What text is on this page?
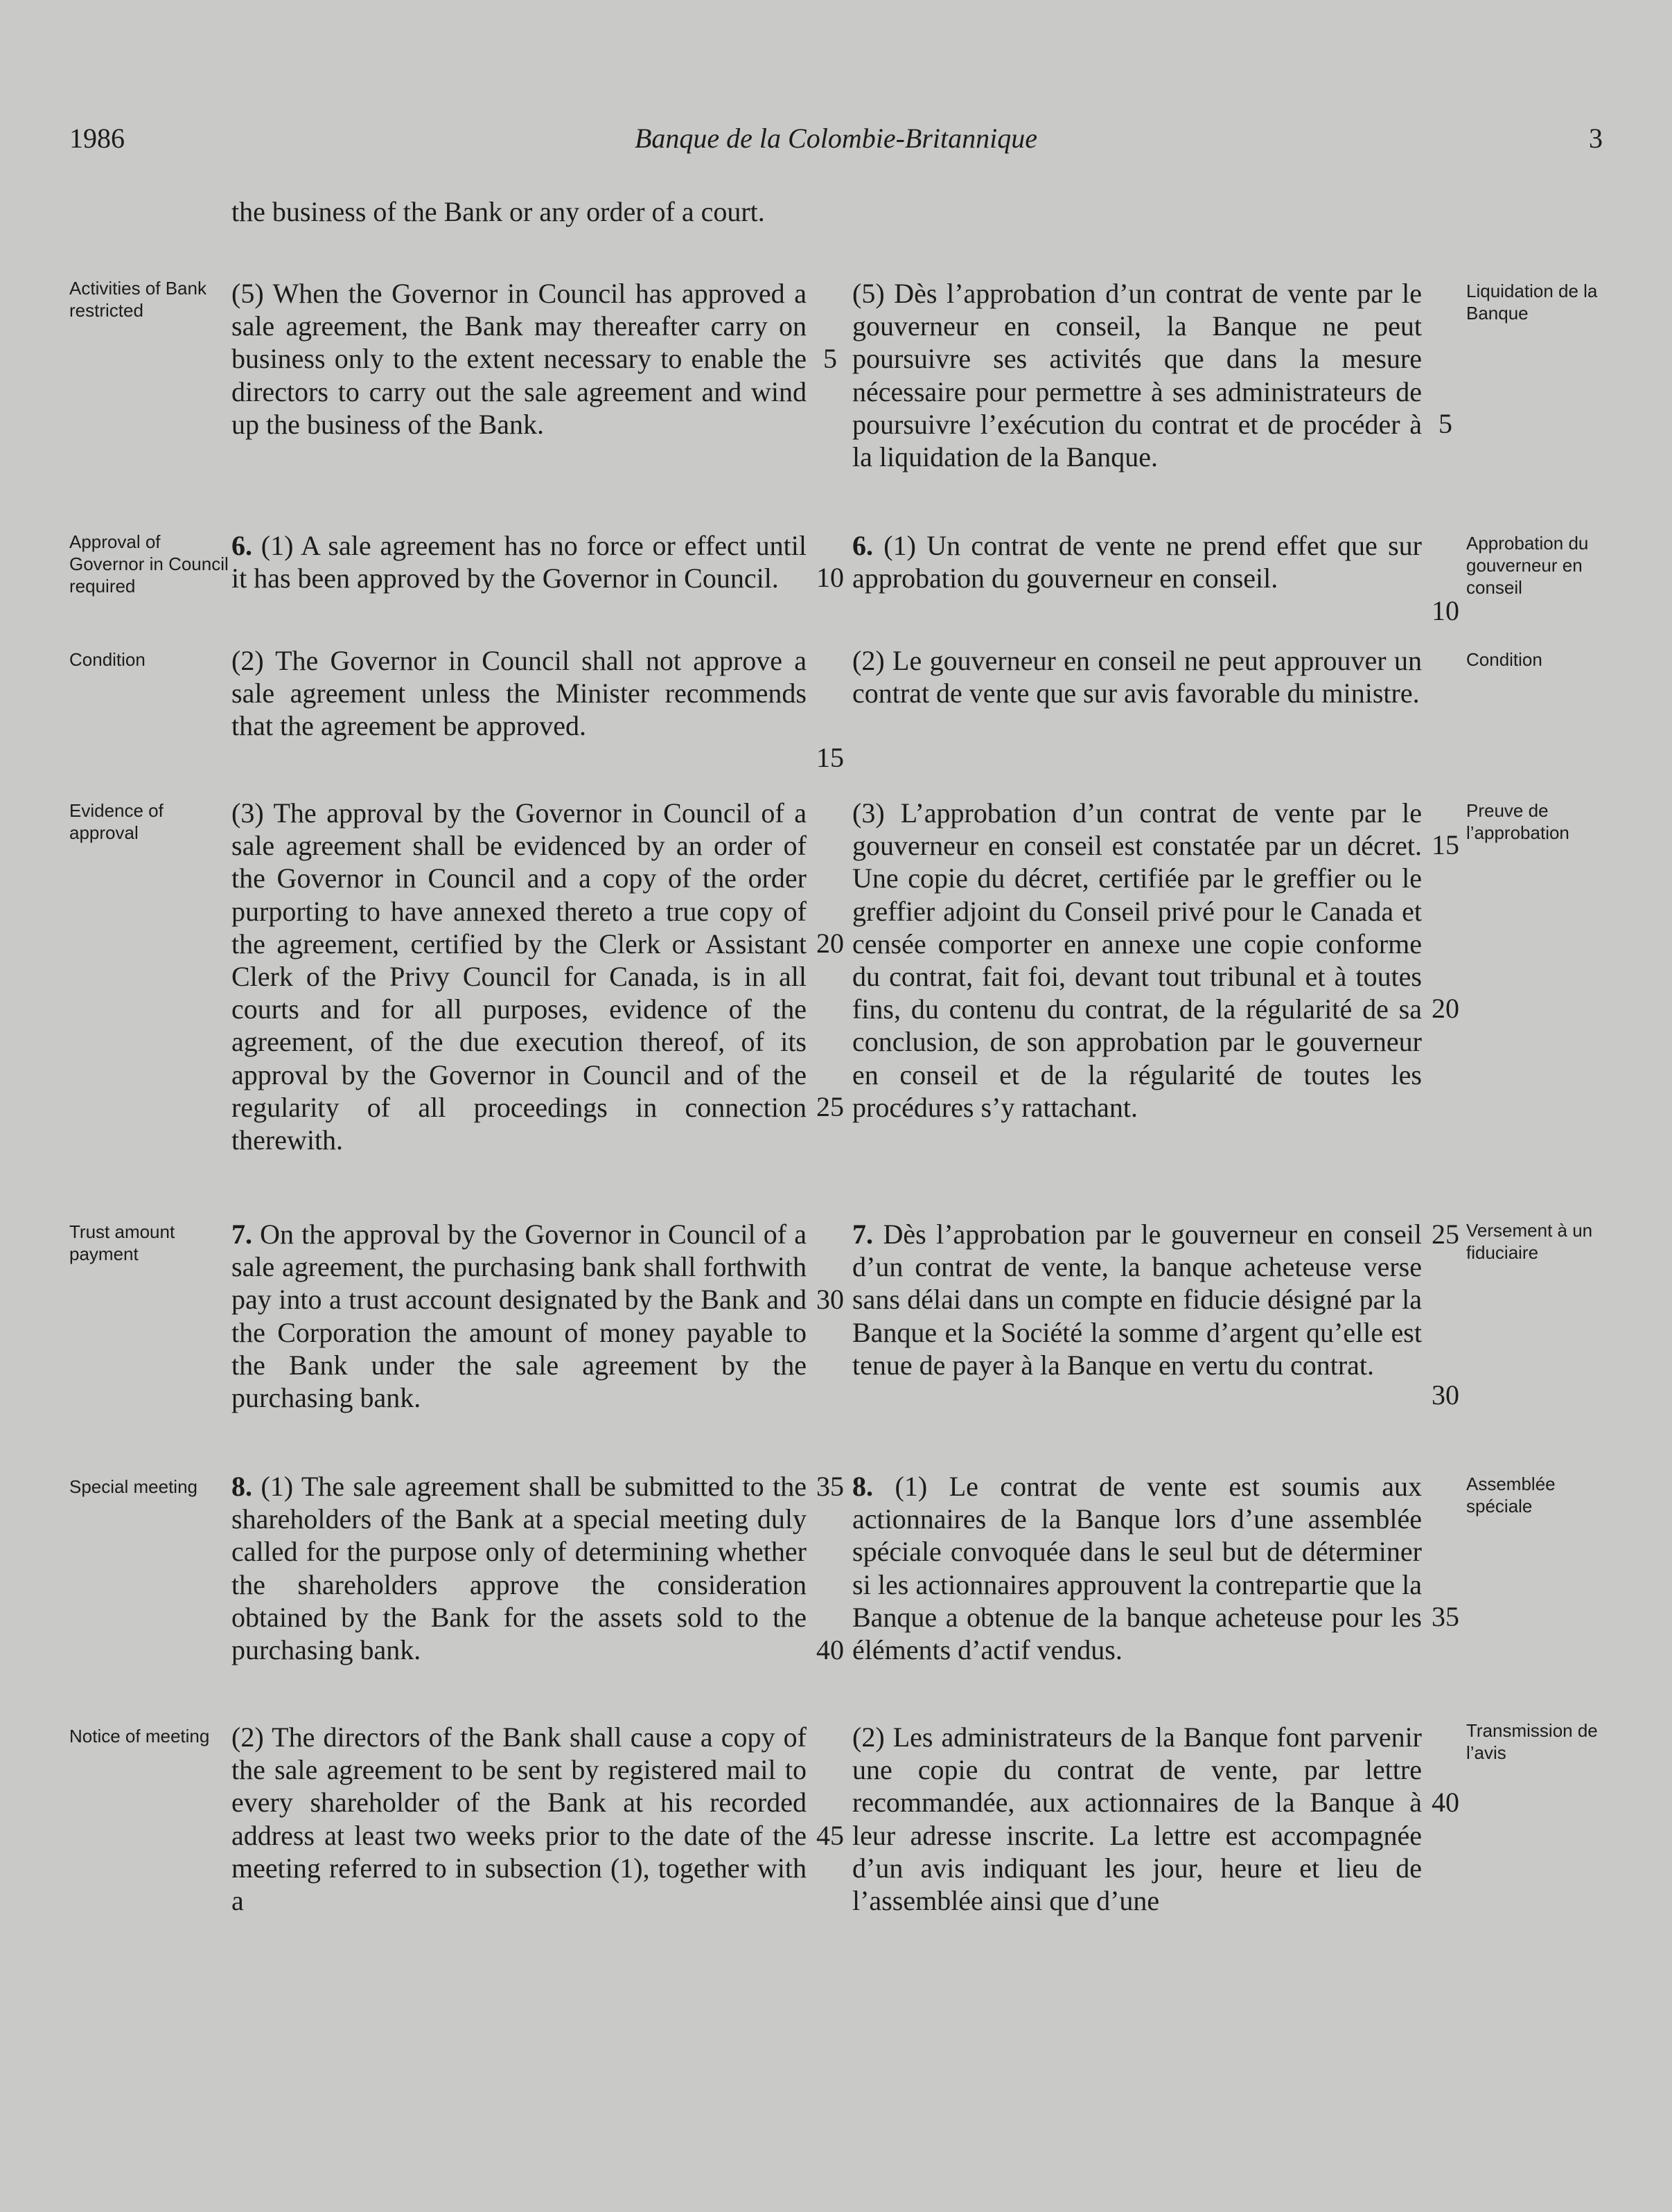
1986	Banque de la Colombie-Britannique	3

the business of the Bank or any order of a court.

(5) When the Governor in Council has approved a sale agreement, the Bank may thereafter carry on business only to the extent necessary to enable the directors to carry out the sale agreement and wind up the business of the Bank.

6. (1) A sale agreement has no force or effect until it has been approved by the Governor in Council.

(2) The Governor in Council shall not approve a sale agreement unless the Minister recommends that the agreement be approved.

(3) The approval by the Governor in Council of a sale agreement shall be evidenced by an order of the Governor in Council and a copy of the order purporting to have annexed thereto a true copy of the agreement, certified by the Clerk or Assistant Clerk of the Privy Council for Canada, is in all courts and for all purposes, evidence of the agreement, of the due execution thereof, of its approval by the Governor in Council and of the regularity of all proceedings in connection therewith.

7. On the approval by the Governor in Council of a sale agreement, the purchasing bank shall forthwith pay into a trust account designated by the Bank and the Corporation the amount of money payable to the Bank under the sale agreement by the purchasing bank.

8. (1) The sale agreement shall be submitted to the shareholders of the Bank at a special meeting duly called for the purpose only of determining whether the shareholders approve the consideration obtained by the Bank for the assets sold to the purchasing bank.

(2) The directors of the Bank shall cause a copy of the sale agreement to be sent by registered mail to every shareholder of the Bank at his recorded address at least two weeks prior to the date of the meeting referred to in subsection (1), together with a

(5) Dès l’approbation d’un contrat de vente par le gouverneur en conseil, la Banque ne peut poursuivre ses activités que dans la mesure nécessaire pour permettre à ses administrateurs de poursuivre l’exécution du contrat et de procéder à la liquidation de la Banque.

6. (1) Un contrat de vente ne prend effet que sur approbation du gouverneur en conseil.

(2) Le gouverneur en conseil ne peut approuver un contrat de vente que sur avis favorable du ministre.

(3) L’approbation d’un contrat de vente par le gouverneur en conseil est constatée par un décret. Une copie du décret, certifiée par le greffier ou le greffier adjoint du Conseil privé pour le Canada et censée comporter en annexe une copie conforme du contrat, fait foi, devant tout tribunal et à toutes fins, du contenu du contrat, de la régularité de sa conclusion, de son approbation par le gouverneur en conseil et de la régularité de toutes les procédures s’y rattachant.

7. Dès l’approbation par le gouverneur en conseil d’un contrat de vente, la banque acheteuse verse sans délai dans un compte en fiducie désigné par la Banque et la Société la somme d’argent qu’elle est tenue de payer à la Banque en vertu du contrat.

8. (1) Le contrat de vente est soumis aux actionnaires de la Banque lors d’une assemblée spéciale convoquée dans le seul but de déterminer si les actionnaires approuvent la contrepartie que la Banque a obtenue de la banque acheteuse pour les éléments d’actif vendus.

(2) Les administrateurs de la Banque font parvenir une copie du contrat de vente, par lettre recommandée, aux actionnaires de la Banque à leur adresse inscrite. La lettre est accompagnée d’un avis indiquant les jour, heure et lieu de l’assemblée ainsi que d’une

5
10
15
20
25
30
35
40
45
5
10
15
20
25
30
35
40
Activities of Bank restricted
Approval of Governor in Council required
Condition
Evidence of approval
Trust amount payment
Special meeting
Notice of meeting
Liquidation de la Banque
Approbation du gouverneur en conseil
Condition
Preuve de l’approbation
Versement à un fiduciaire
Assemblée spéciale
Transmission de l’avis
